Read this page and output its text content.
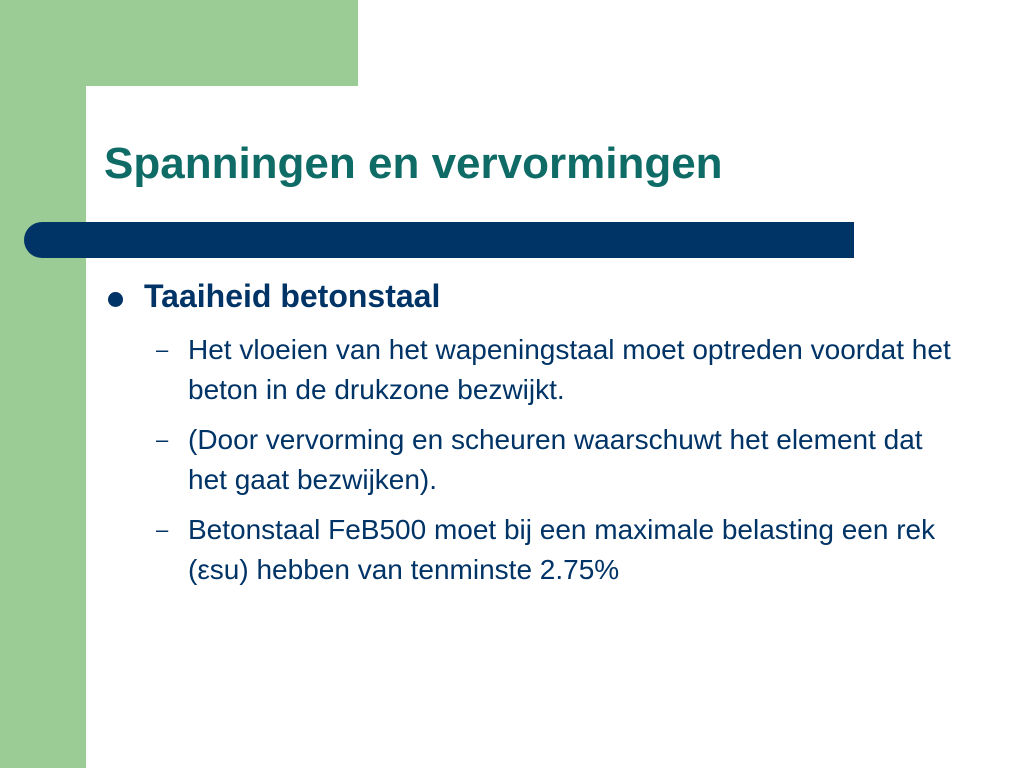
Spanningen en vervormingen
Taaiheid betonstaal
– Het vloeien van het wapeningstaal moet optreden voordat het beton in de drukzone bezwijkt.
– (Door vervorming en scheuren waarschuwt het element dat het gaat bezwijken).
– Betonstaal FeB500 moet bij een maximale belasting een rek (εsu) hebben van tenminste 2.75%
